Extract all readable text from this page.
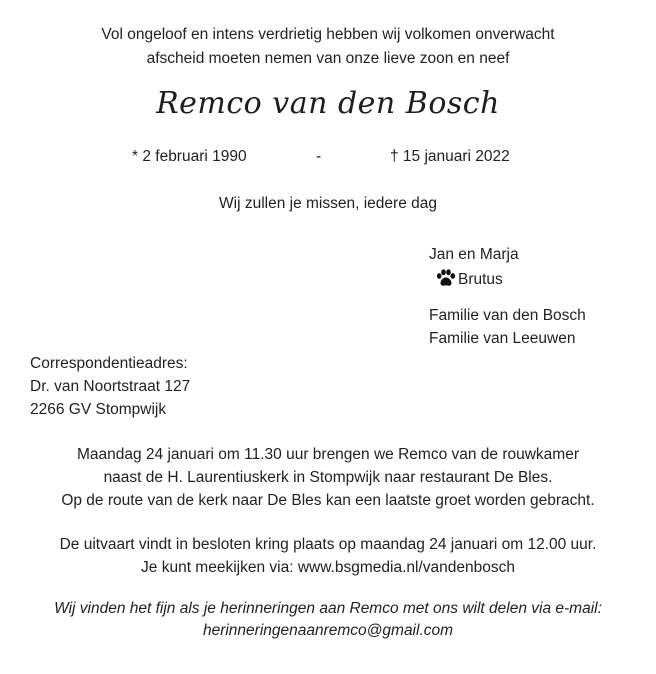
Vol ongeloof en intens verdrietig hebben wij volkomen onverwacht
afscheid moeten nemen van onze lieve zoon en neef
Remco van den Bosch
* 2 februari 1990	-	† 15 januari 2022
Wij zullen je missen, iedere dag
Jan en Marja
Brutus
Familie van den Bosch
Familie van Leeuwen
Correspondentieadres:
Dr. van Noortstraat 127
2266 GV Stompwijk
Maandag 24 januari om 11.30 uur brengen we Remco van de rouwkamer
naast de H. Laurentiuskerk in Stompwijk naar restaurant De Bles.
Op de route van de kerk naar De Bles kan een laatste groet worden gebracht.
De uitvaart vindt in besloten kring plaats op maandag 24 januari om 12.00 uur.
Je kunt meekijken via: www.bsgmedia.nl/vandenbosch
Wij vinden het fijn als je herinneringen aan Remco met ons wilt delen via e-mail:
herinneringenaanremco@gmail.com
